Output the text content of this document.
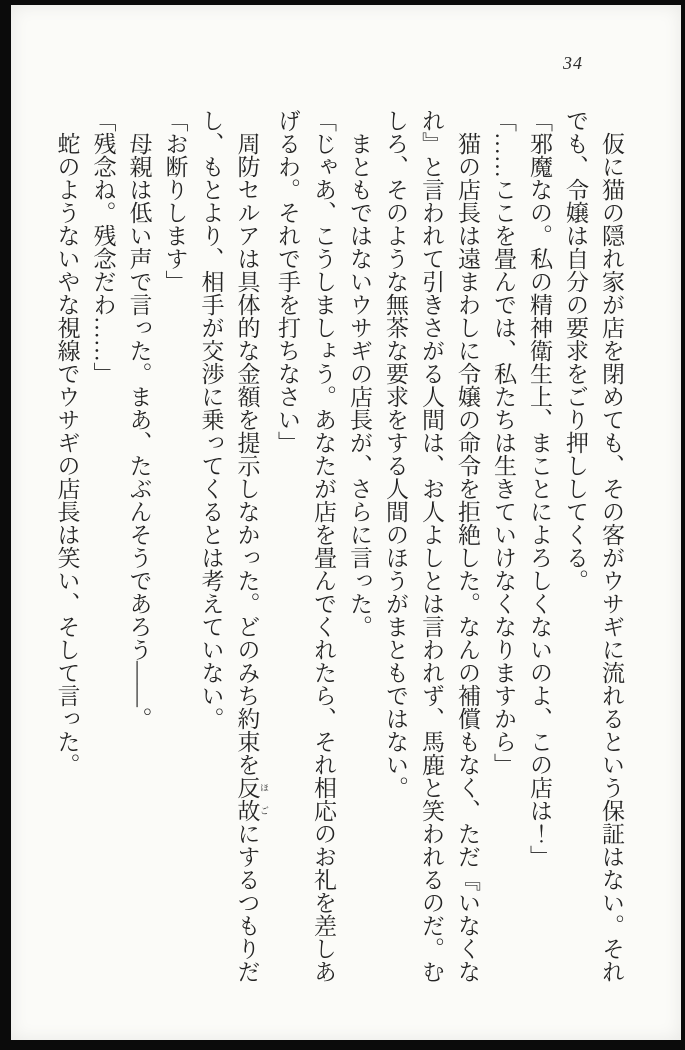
34

仮に猫の隠れ家が店を閉めても、その客がウサギに流れるという保証はない。それでも、令嬢は自分の要求をごり押ししてくる。

「邪魔なの。私の精神衛生上、まことによろしくないのよ、この店は！」

「……ここを畳んでは、私たちは生きていけなくなりますから」

猫の店長は遠まわしに令嬢の命令を拒絶した。なんの補償もなく、ただ『いなくなれ』と言われて引きさがる人間は、お人よしとは言われず、馬鹿と笑われるのだ。むしろ、そのような無茶な要求をする人間のほうがまともではない。

まともではないウサギの店長が、さらに言った。

「じゃあ、こうしましょう。あなたが店を畳んでくれたら、それ相応のお礼を差しあげるわ。それで手を打ちなさい」

周防セルアは具体的な金額を提示しなかった。どのみち約束を反故 ほごにするつもりだし、もとより、相手が交渉に乗ってくるとは考えていない。

「お断りします」

母親は低い声で言った。まあ、たぶんそうであろう――。

「残念ね。残念だわ……」

蛇のようないやな視線でウサギの店長は笑い、そして言った。
